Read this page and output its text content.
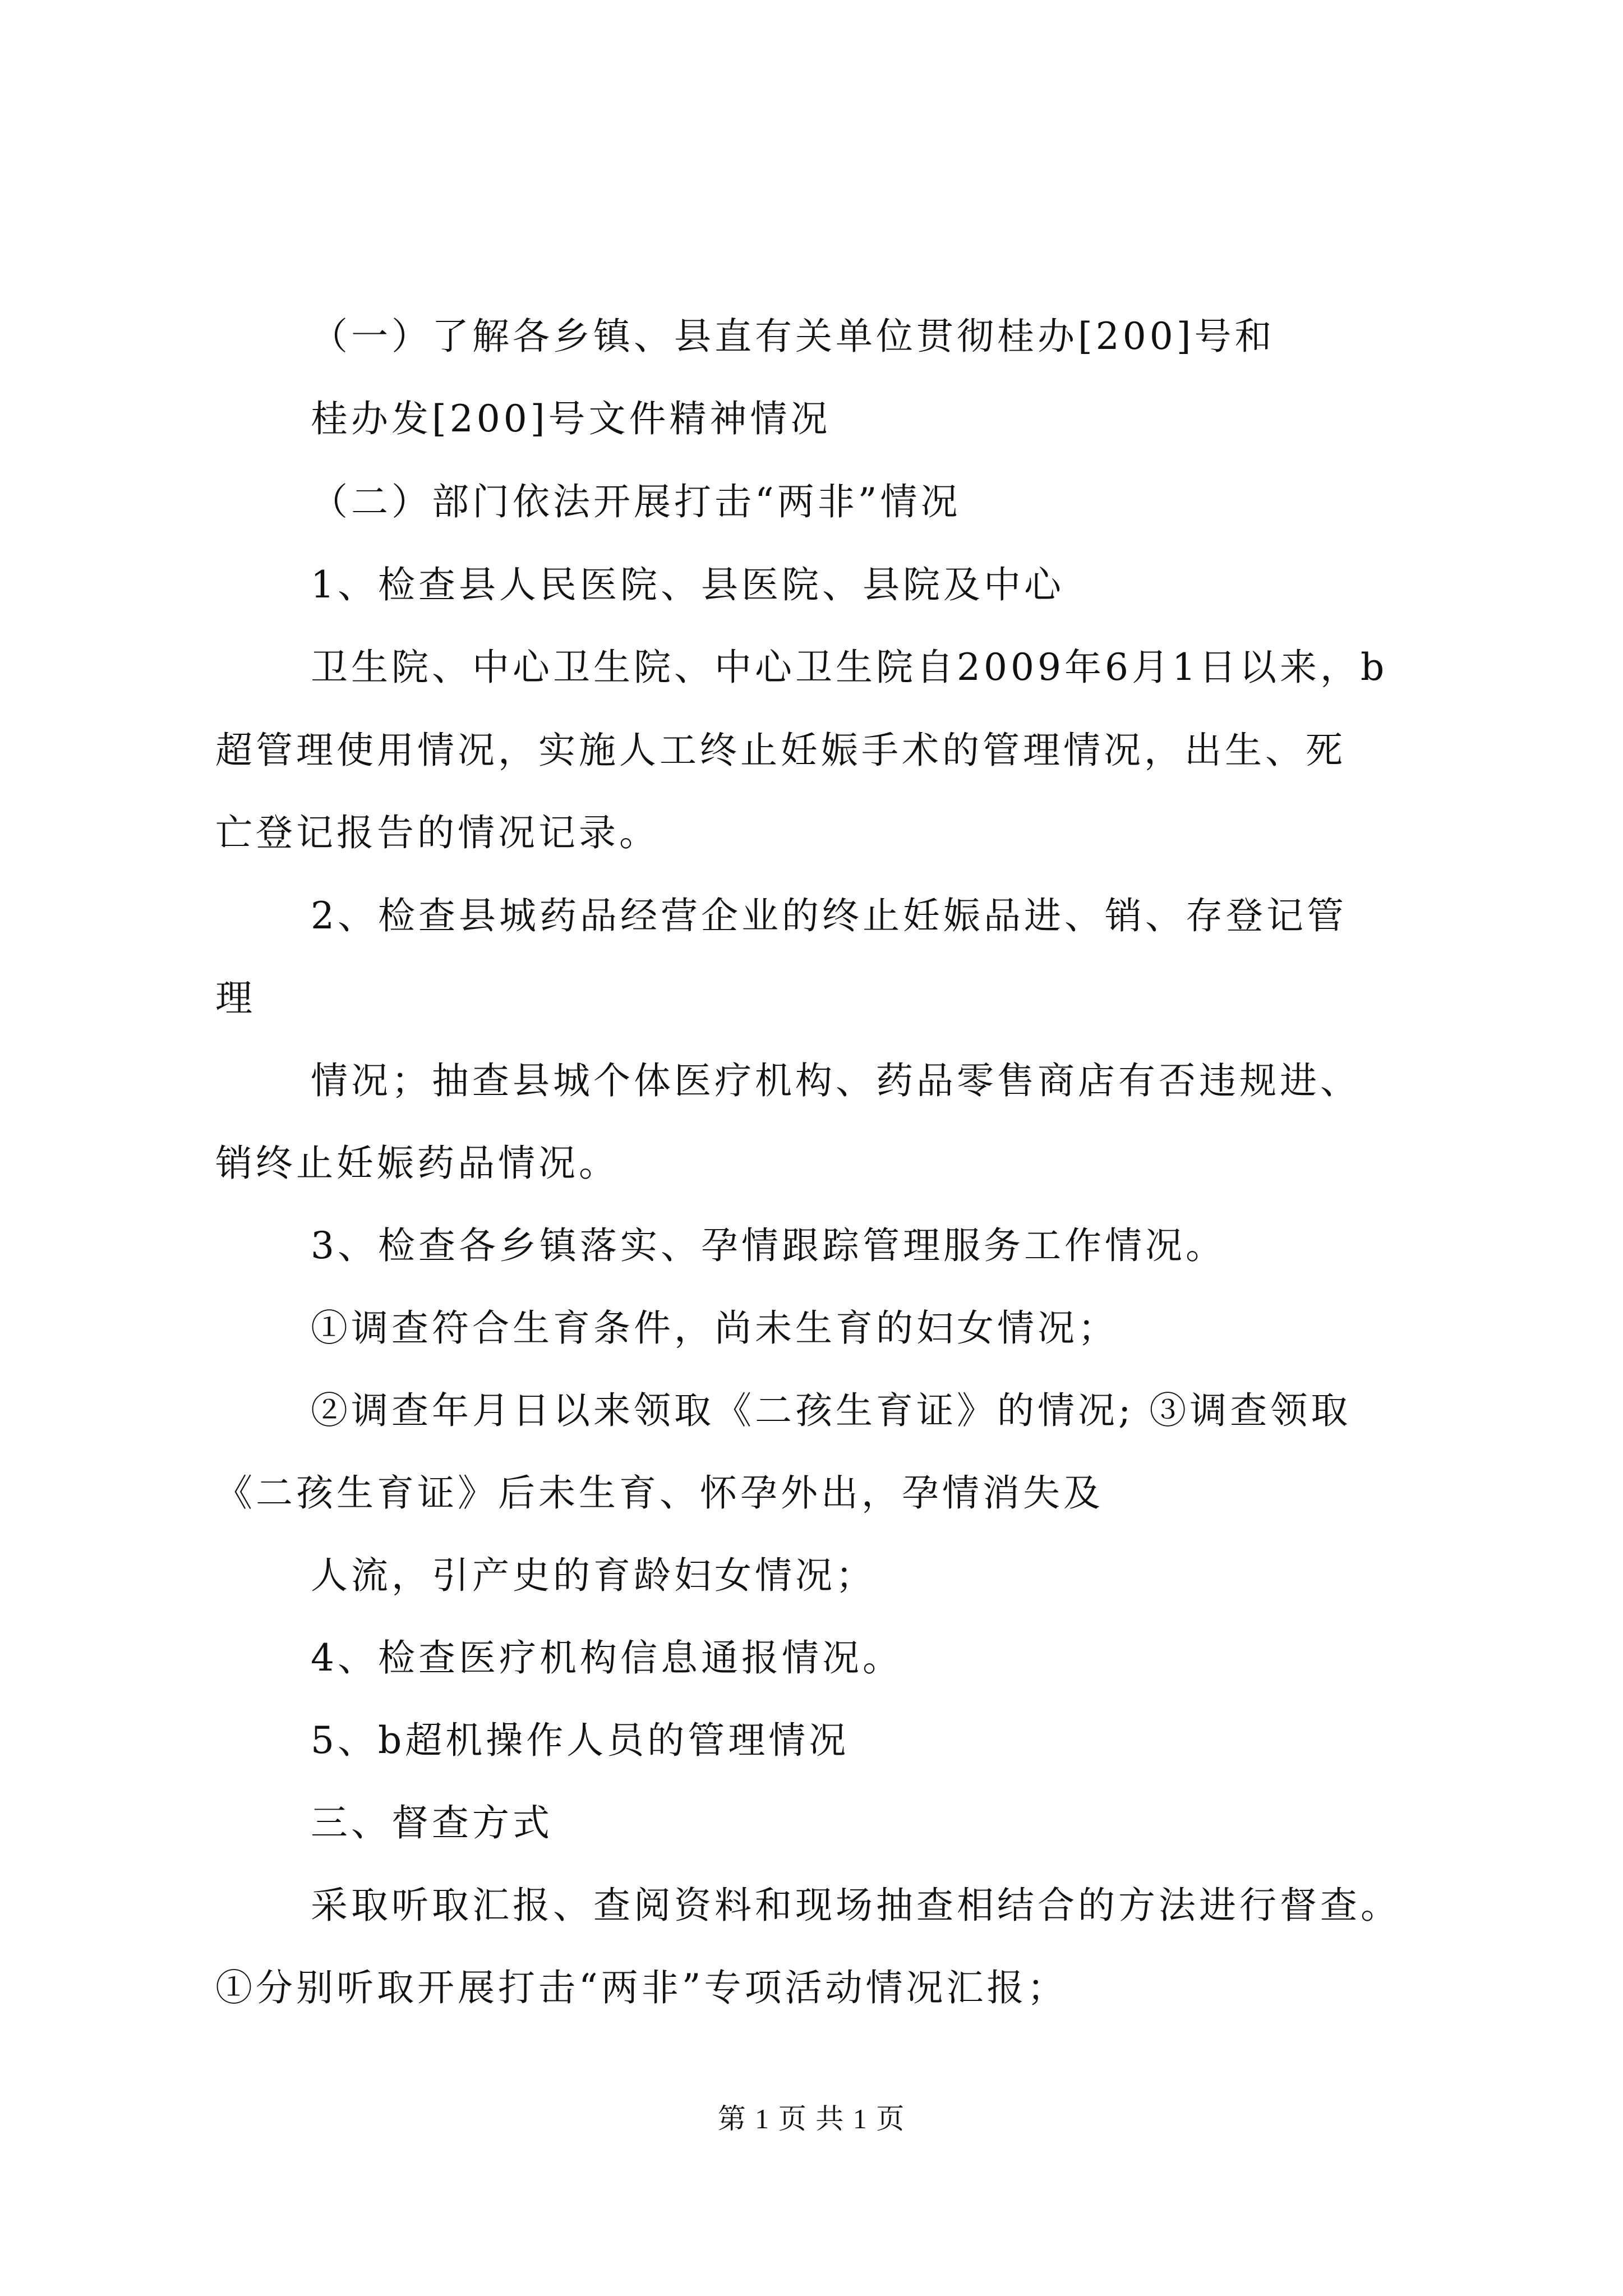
（一）了解各乡镇、县直有关单位贯彻桂办[200]号和
桂办发[200]号文件精神情况
（二）部门依法开展打击“两非”情况
1、检查县人民医院、县医院、县院及中心
卫生院、中心卫生院、中心卫生院自2009年6月1日以来，b
超管理使用情况，实施人工终止妊娠手术的管理情况，出生、死
亡登记报告的情况记录。
2、检查县城药品经营企业的终止妊娠品进、销、存登记管
理
情况；抽查县城个体医疗机构、药品零售商店有否违规进、
销终止妊娠药品情况。
3、检查各乡镇落实、孕情跟踪管理服务工作情况。
①调查符合生育条件，尚未生育的妇女情况；
②调查年月日以来领取《二孩生育证》的情况; ③调查领取
《二孩生育证》后未生育、怀孕外出，孕情消失及
人流，引产史的育龄妇女情况；
4、检查医疗机构信息通报情况。
5、b超机操作人员的管理情况
三、督查方式
采取听取汇报、查阅资料和现场抽查相结合的方法进行督查。
①分别听取开展打击“两非”专项活动情况汇报；
第 1 页 共 1 页
